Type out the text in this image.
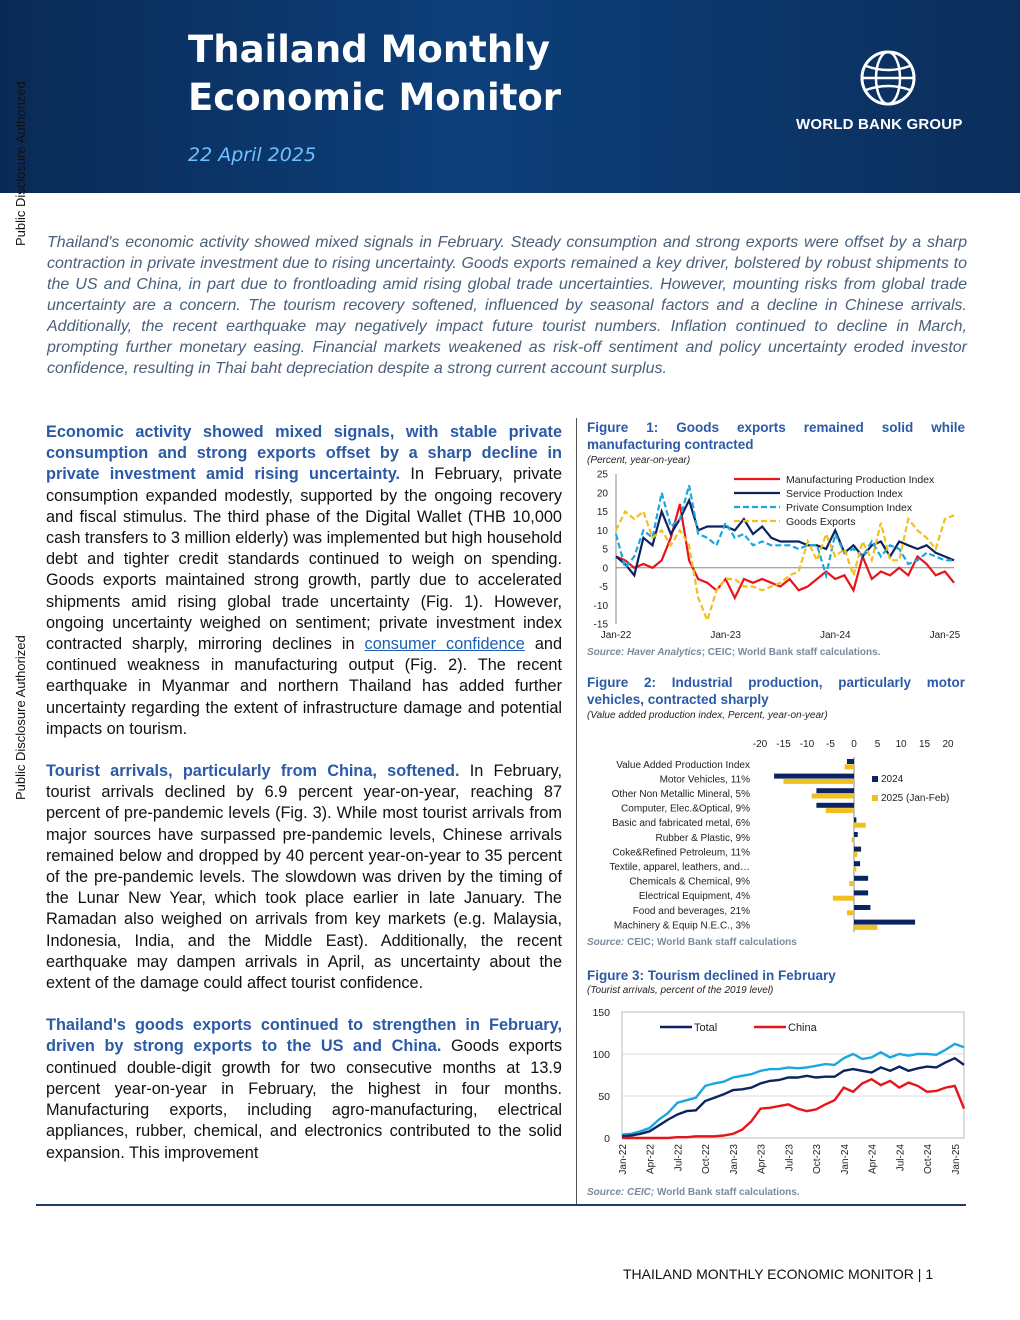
Thailand Monthly Economic Monitor
22 April 2025
WORLD BANK GROUP
Public Disclosure Authorized
Public Disclosure Authorized

Thailand's economic activity showed mixed signals in February. Steady consumption and strong exports were offset by a sharp contraction in private investment due to rising uncertainty. Goods exports remained a key driver, bolstered by robust shipments to the US and China, in part due to frontloading amid rising global trade uncertainties. However, mounting risks from global trade uncertainty are a concern. The tourism recovery softened, influenced by seasonal factors and a decline in Chinese arrivals. Additionally, the recent earthquake may negatively impact future tourist numbers. Inflation continued to decline in March, prompting further monetary easing. Financial markets weakened as risk-off sentiment and policy uncertainty eroded investor confidence, resulting in Thai baht depreciation despite a strong current account surplus.

Economic activity showed mixed signals, with stable private consumption and strong exports offset by a sharp decline in private investment amid rising uncertainty. In February, private consumption expanded modestly, supported by the ongoing recovery and fiscal stimulus. The third phase of the Digital Wallet (THB 10,000 cash transfers to 3 million elderly) was implemented but high household debt and tighter credit standards continued to weigh on spending. Goods exports maintained strong growth, partly due to accelerated shipments amid rising global trade uncertainty (Fig. 1). However, ongoing uncertainty weighed on sentiment; private investment index contracted sharply, mirroring declines in consumer confidence and continued weakness in manufacturing output (Fig. 2). The recent earthquake in Myanmar and northern Thailand has added further uncertainty regarding the extent of infrastructure damage and potential impacts on tourism.

Tourist arrivals, particularly from China, softened. In February, tourist arrivals declined by 6.9 percent year-on-year, reaching 87 percent of pre-pandemic levels (Fig. 3). While most tourist arrivals from major sources have surpassed pre-pandemic levels, Chinese arrivals remained below and dropped by 40 percent year-on-year to 35 percent of the pre-pandemic levels. The slowdown was driven by the timing of the Lunar New Year, which took place earlier in late January. The Ramadan also weighed on arrivals from key markets (e.g. Malaysia, Indonesia, India, and the Middle East). Additionally, the recent earthquake may dampen arrivals in April, as uncertainty about the extent of the damage could affect tourist confidence.

Thailand's goods exports continued to strengthen in February, driven by strong exports to the US and China. Goods exports continued double-digit growth for two consecutive months at 13.9 percent year-on-year in February, the highest in four months. Manufacturing exports, including agro-manufacturing, electrical appliances, rubber, chemical, and electronics contributed to the solid expansion. This improvement

Figure 1: Goods exports remained solid while manufacturing contracted
(Percent, year-on-year)
-15
-10
-5
0
5
10
15
20
25
Jan-22	Jan-23	Jan-24	Jan-25
Manufacturing Production Index
Service Production Index
Private Consumption Index
Goods Exports
Source: Haver Analytics; CEIC; World Bank staff calculations.
Figure 2: Industrial production, particularly motor vehicles, contracted sharply
(Value added production index, Percent, year-on-year)
-20 -15 -10 -5 0 5 10 15 20
Value Added Production Index
Motor Vehicles, 11%
Other Non Metallic Mineral, 5%
Computer, Elec.&Optical, 9%
Basic and fabricated metal, 6%
Rubber & Plastic, 9%
Coke&Refined Petroleum, 11%
Textile, apparel, leathers, and…
Chemicals & Chemical, 9%
Electrical Equipment, 4%
Food and beverages, 21%
Machinery & Equip N.E.C., 3%
2024
2025 (Jan-Feb)
Source: CEIC; World Bank staff calculations
Figure 3: Tourism declined in February
(Tourist arrivals, percent of the 2019 level)
0
50
100
150
Jan-22 Apr-22 Jul-22 Oct-22 Jan-23 Apr-23 Jul-23 Oct-23 Jan-24 Apr-24 Jul-24 Oct-24 Jan-25
Total	China
Source: CEIC; World Bank staff calculations.
THAILAND MONTHLY ECONOMIC MONITOR | 1
